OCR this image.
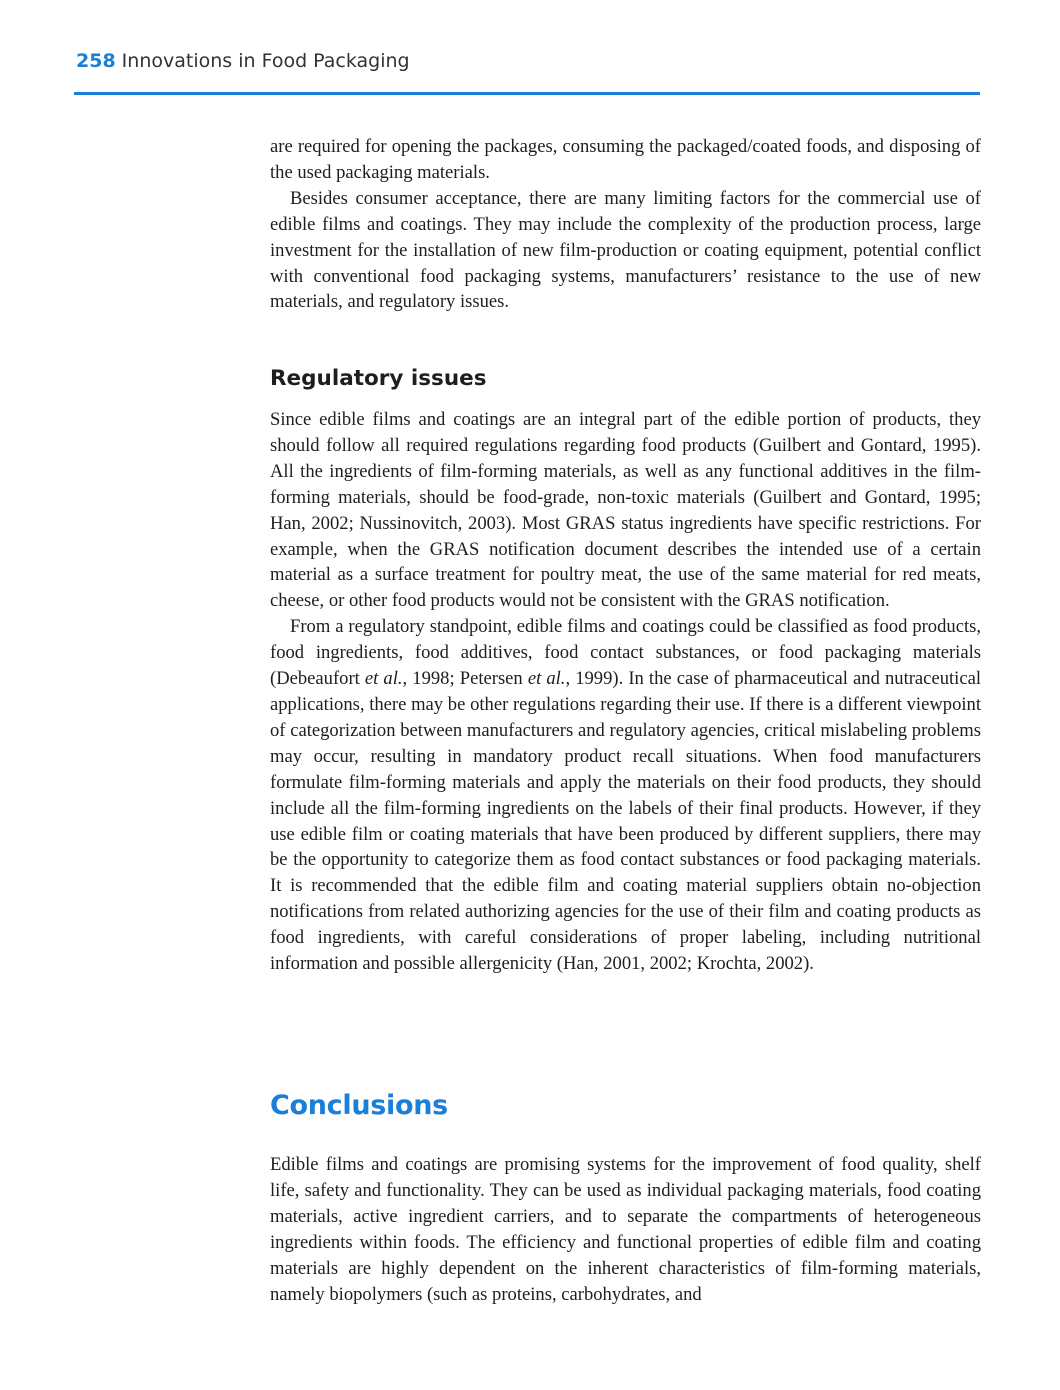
258 Innovations in Food Packaging

are required for opening the packages, consuming the packaged/coated foods, and disposing of the used packaging materials.

Besides consumer acceptance, there are many limiting factors for the commercial use of edible films and coatings. They may include the complexity of the production process, large investment for the installation of new film-production or coating equipment, potential conflict with conventional food packaging systems, manufacturers’ resistance to the use of new materials, and regulatory issues.

Regulatory issues

Since edible films and coatings are an integral part of the edible portion of products, they should follow all required regulations regarding food products (Guilbert and Gontard, 1995). All the ingredients of film-forming materials, as well as any functional additives in the film-forming materials, should be food-grade, non-toxic materials (Guilbert and Gontard, 1995; Han, 2002; Nussinovitch, 2003). Most GRAS status ingredients have specific restrictions. For example, when the GRAS notification document describes the intended use of a certain material as a surface treatment for poultry meat, the use of the same material for red meats, cheese, or other food products would not be consistent with the GRAS notification.

From a regulatory standpoint, edible films and coatings could be classified as food products, food ingredients, food additives, food contact substances, or food packaging materials (Debeaufort et al., 1998; Petersen et al., 1999). In the case of pharmaceutical and nutraceutical applications, there may be other regulations regarding their use. If there is a different viewpoint of categorization between manufacturers and regulatory agencies, critical mislabeling problems may occur, resulting in mandatory product recall situations. When food manufacturers formulate film-forming materials and apply the materials on their food products, they should include all the film-forming ingredients on the labels of their final products. However, if they use edible film or coating materials that have been produced by different suppliers, there may be the opportunity to categorize them as food contact substances or food packaging materials. It is recommended that the edible film and coating material suppliers obtain no-objection notifications from related authorizing agencies for the use of their film and coating products as food ingredients, with careful considerations of proper labeling, including nutritional information and possible allergenicity (Han, 2001, 2002; Krochta, 2002).

Conclusions

Edible films and coatings are promising systems for the improvement of food quality, shelf life, safety and functionality. They can be used as individual packaging materials, food coating materials, active ingredient carriers, and to separate the compartments of heterogeneous ingredients within foods. The efficiency and functional properties of edible film and coating materials are highly dependent on the inherent characteristics of film-forming materials, namely biopolymers (such as proteins, carbohydrates, and
